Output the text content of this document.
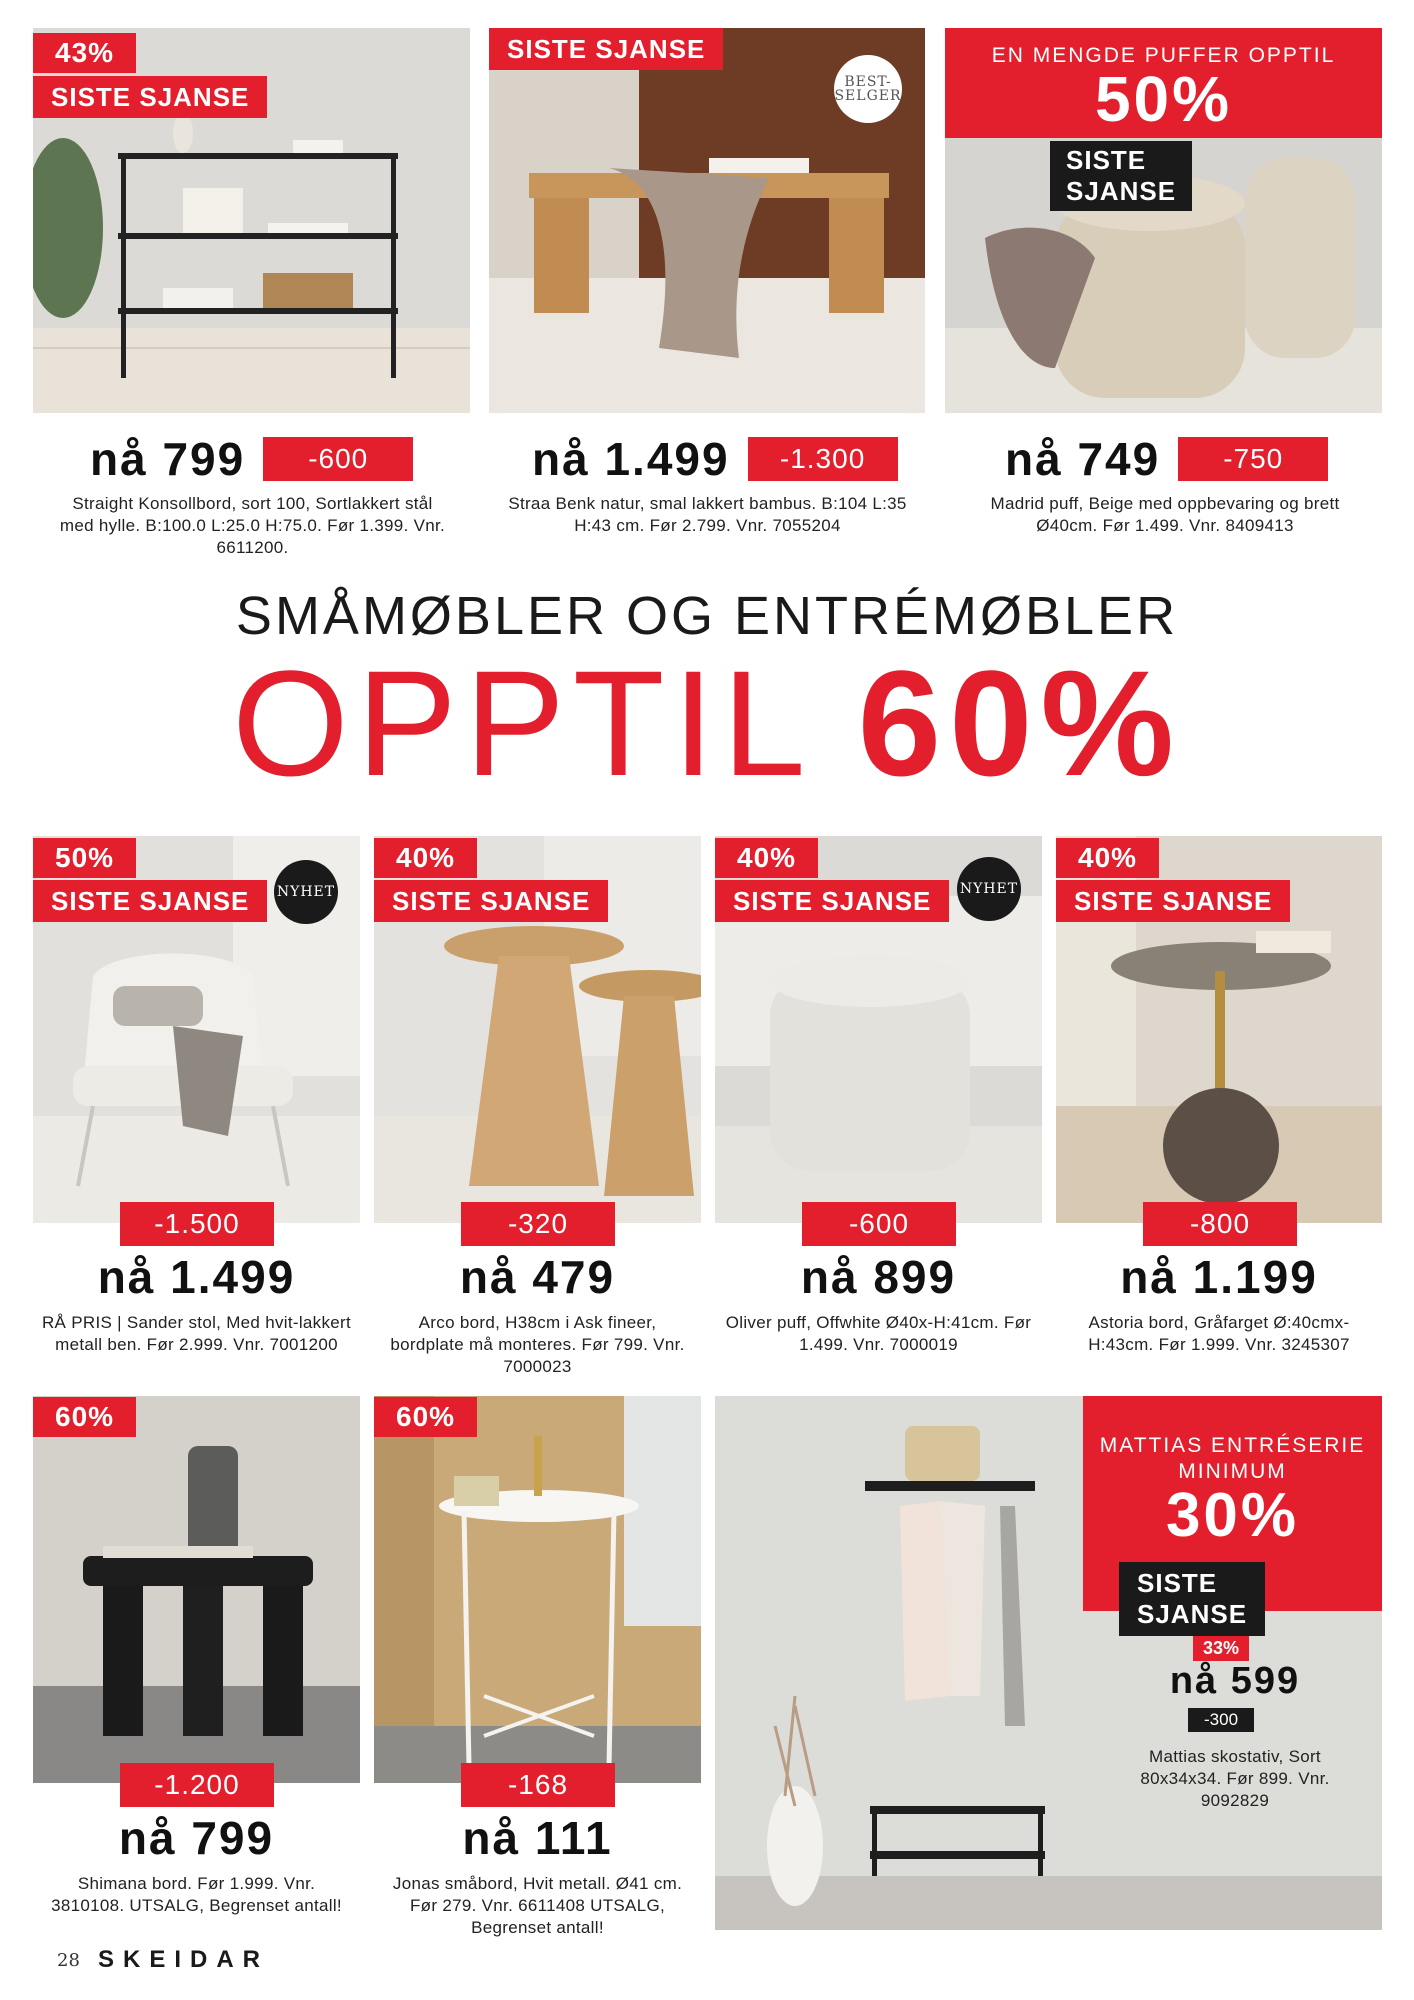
43%
SISTE SJANSE
nå 799	-600
Straight Konsollbord, sort 100, Sortlakkert stål med hylle. B:100.0 L:25.0 H:75.0. Før 1.399. Vnr. 6611200.
SISTE SJANSE
BEST-SELGER
nå 1.499	-1.300
Straa Benk natur, smal lakkert bambus. B:104 L:35 H:43 cm. Før 2.799. Vnr. 7055204
EN MENGDE PUFFER OPPTIL
50%
SISTE SJANSE
nå 749	-750
Madrid puff, Beige med oppbevaring og brett Ø40cm. Før 1.499. Vnr. 8409413
SMÅMØBLER OG ENTRÉMØBLER
OPPTIL 60%
50%
SISTE SJANSE	NYHET
-1.500
nå 1.499
RÅ PRIS | Sander stol, Med hvit-lakkert metall ben. Før 2.999. Vnr. 7001200
40%
SISTE SJANSE
-320
nå 479
Arco bord, H38cm i Ask fineer, bordplate må monteres. Før 799. Vnr. 7000023
40%
SISTE SJANSE	NYHET
-600
nå 899
Oliver puff, Offwhite Ø40x-H:41cm. Før 1.499. Vnr. 7000019
40%
SISTE SJANSE
-800
nå 1.199
Astoria bord, Gråfarget Ø:40cmx-H:43cm. Før 1.999. Vnr. 3245307
60%
-1.200
nå 799
Shimana bord. Før 1.999. Vnr. 3810108. UTSALG, Begrenset antall!
60%
-168
nå 111
Jonas småbord, Hvit metall. Ø41 cm. Før 279. Vnr. 6611408 UTSALG, Begrenset antall!
MATTIAS ENTRÉSERIE
MINIMUM
30%
SISTE SJANSE
33%
nå 599
-300
Mattias skostativ, Sort 80x34x34. Før 899. Vnr. 9092829
28 SKEIDAR
